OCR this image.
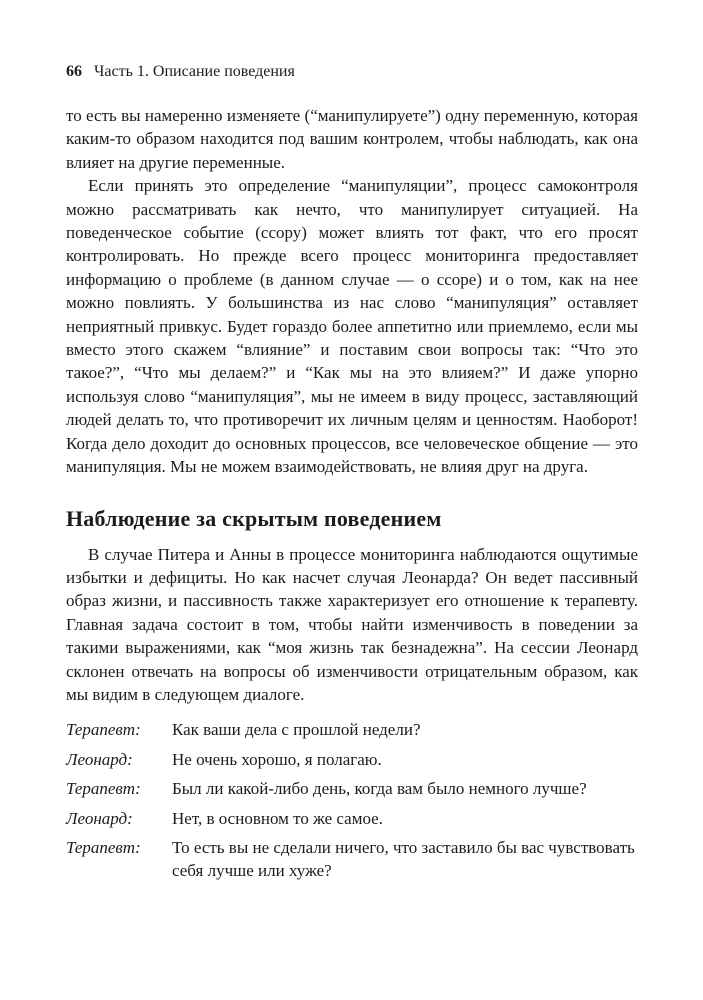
66 Часть 1. Описание поведения

то есть вы намеренно изменяете (“манипулируете”) одну переменную, которая каким-то образом находится под вашим контролем, чтобы наблюдать, как она влияет на другие переменные.

Если принять это определение “манипуляции”, процесс самоконтроля можно рассматривать как нечто, что манипулирует ситуацией. На поведенческое событие (ссору) может влиять тот факт, что его просят контролировать. Но прежде всего процесс мониторинга предоставляет информацию о проблеме (в данном случае — о ссоре) и о том, как на нее можно повлиять. У большинства из нас слово “манипуляция” оставляет неприятный привкус. Будет гораздо более аппетитно или приемлемо, если мы вместо этого скажем “влияние” и поставим свои вопросы так: “Что это такое?”, “Что мы делаем?” и “Как мы на это влияем?” И даже упорно используя слово “манипуляция”, мы не имеем в виду процесс, заставляющий людей делать то, что противоречит их личным целям и ценностям. Наоборот! Когда дело доходит до основных процессов, все человеческое общение — это манипуляция. Мы не можем взаимодействовать, не влияя друг на друга.

Наблюдение за скрытым поведением

В случае Питера и Анны в процессе мониторинга наблюдаются ощутимые избытки и дефициты. Но как насчет случая Леонарда? Он ведет пассивный образ жизни, и пассивность также характеризует его отношение к терапевту. Главная задача состоит в том, чтобы найти изменчивость в поведении за такими выражениями, как “моя жизнь так безнадежна”. На сессии Леонард склонен отвечать на вопросы об изменчивости отрицательным образом, как мы видим в следующем диалоге.

Терапевт:	Как ваши дела с прошлой недели?
Леонард:	Не очень хорошо, я полагаю.
Терапевт:	Был ли какой-либо день, когда вам было немного лучше?
Леонард:	Нет, в основном то же самое.
Терапевт:	То есть вы не сделали ничего, что заставило бы вас чувствовать себя лучше или хуже?
